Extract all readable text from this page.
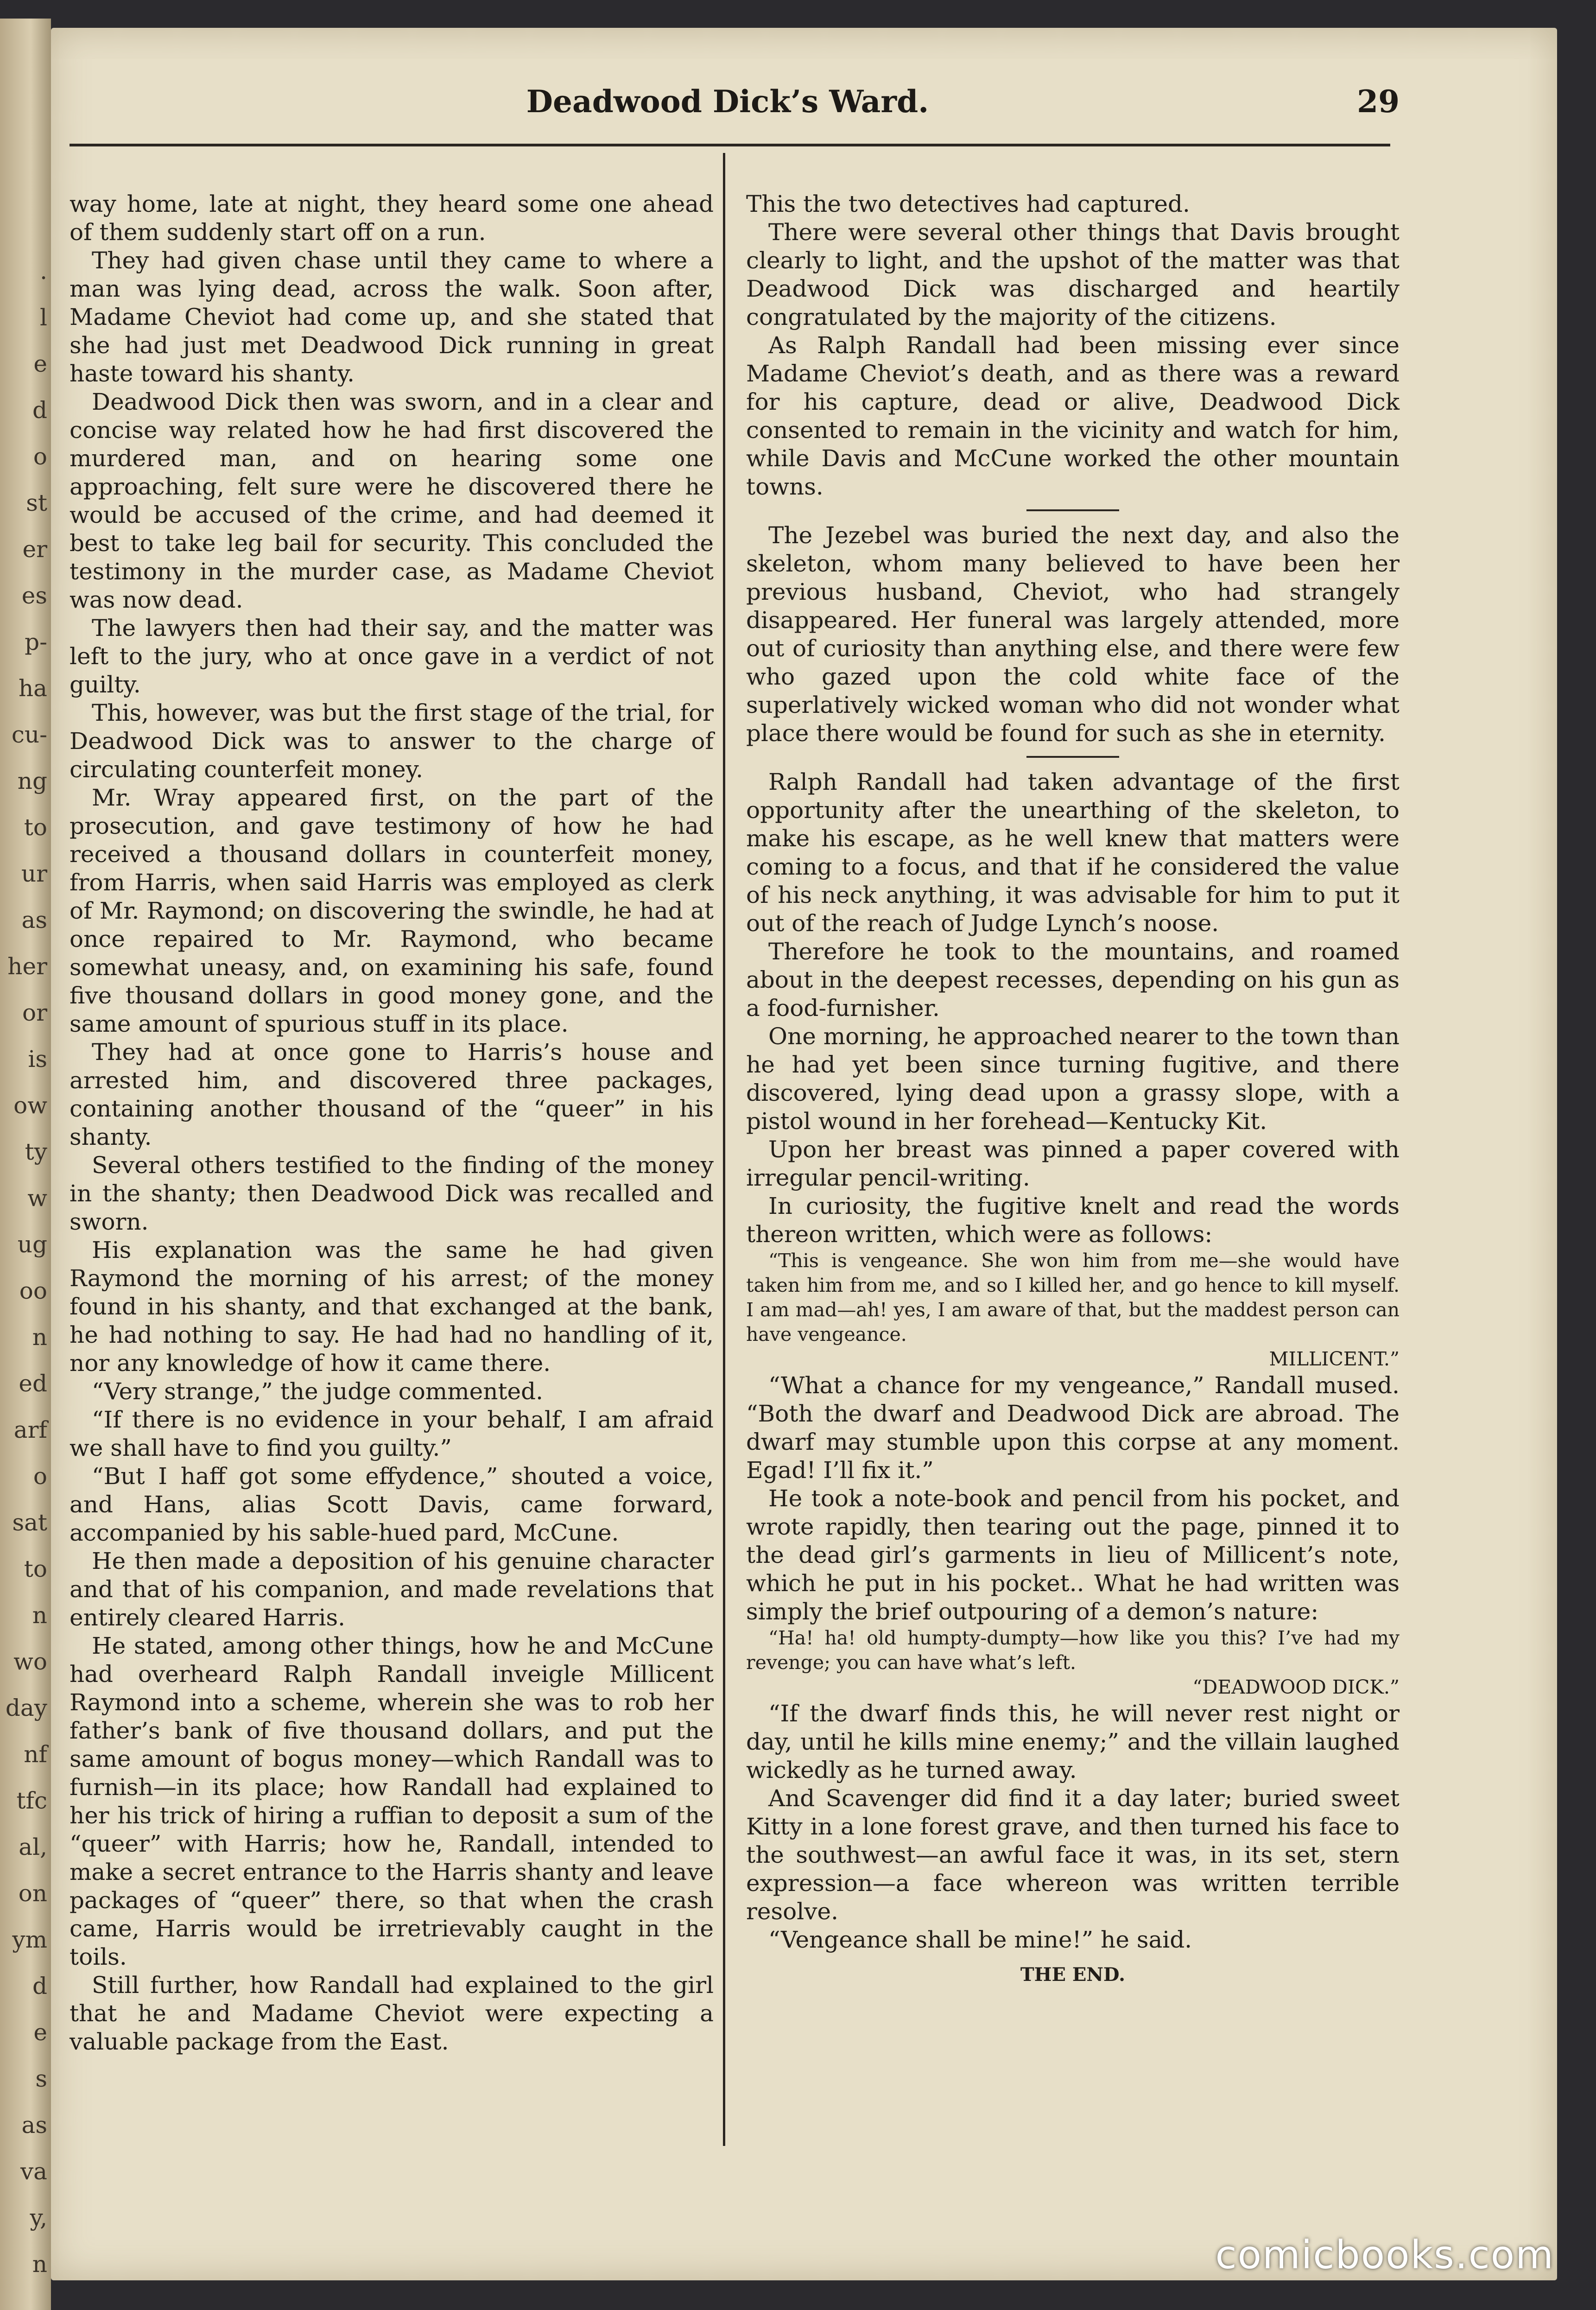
.
l
e
d
o
st
er
es
p-
ha
cu-
ng
to
ur
as
her
or
is
ow
ty
w
ug
oo
n
ed
arf
o
sat
to
n
wo
day
nf
tfc
al,
on
ym
d
e
s
as
va
y,
n
Deadwood Dick’s Ward.	29

way home, late at night, they heard some one ahead of them suddenly start off on a run.

They had given chase until they came to where a man was lying dead, across the walk. Soon after, Madame Cheviot had come up, and she stated that she had just met Deadwood Dick running in great haste toward his shanty.

Deadwood Dick then was sworn, and in a clear and concise way related how he had first discovered the murdered man, and on hearing some one approaching, felt sure were he discovered there he would be accused of the crime, and had deemed it best to take leg bail for security. This concluded the testimony in the murder case, as Madame Cheviot was now dead.

The lawyers then had their say, and the matter was left to the jury, who at once gave in a verdict of not guilty.

This, however, was but the first stage of the trial, for Deadwood Dick was to answer to the charge of circulating counterfeit money.

Mr. Wray appeared first, on the part of the prosecution, and gave testimony of how he had received a thousand dollars in counterfeit money, from Harris, when said Harris was employed as clerk of Mr. Raymond; on discovering the swindle, he had at once repaired to Mr. Raymond, who became somewhat uneasy, and, on examining his safe, found five thousand dollars in good money gone, and the same amount of spurious stuff in its place.

They had at once gone to Harris’s house and arrested him, and discovered three packages, containing another thousand of the “queer” in his shanty.

Several others testified to the finding of the money in the shanty; then Deadwood Dick was recalled and sworn.

His explanation was the same he had given Raymond the morning of his arrest; of the money found in his shanty, and that exchanged at the bank, he had nothing to say. He had had no handling of it, nor any knowledge of how it came there.

“Very strange,” the judge commented.

“If there is no evidence in your behalf, I am afraid we shall have to find you guilty.”

“But I haff got some effydence,” shouted a voice, and Hans, alias Scott Davis, came forward, accompanied by his sable-hued pard, McCune.

He then made a deposition of his genuine character and that of his companion, and made revelations that entirely cleared Harris.

He stated, among other things, how he and McCune had overheard Ralph Randall inveigle Millicent Raymond into a scheme, wherein she was to rob her father’s bank of five thousand dollars, and put the same amount of bogus money—which Randall was to furnish—in its place; how Randall had explained to her his trick of hiring a ruffian to deposit a sum of the “queer” with Harris; how he, Randall, intended to make a secret entrance to the Harris shanty and leave packages of “queer” there, so that when the crash came, Harris would be irretrievably caught in the toils.

Still further, how Randall had explained to the girl that he and Madame Cheviot were expecting a valuable package from the East.

This the two detectives had captured.

There were several other things that Davis brought clearly to light, and the upshot of the matter was that Deadwood Dick was discharged and heartily congratulated by the majority of the citizens.

As Ralph Randall had been missing ever since Madame Cheviot’s death, and as there was a reward for his capture, dead or alive, Deadwood Dick consented to remain in the vicinity and watch for him, while Davis and McCune worked the other mountain towns.

The Jezebel was buried the next day, and also the skeleton, whom many believed to have been her previous husband, Cheviot, who had strangely disappeared. Her funeral was largely attended, more out of curiosity than anything else, and there were few who gazed upon the cold white face of the superlatively wicked woman who did not wonder what place there would be found for such as she in eternity.

Ralph Randall had taken advantage of the first opportunity after the unearthing of the skeleton, to make his escape, as he well knew that matters were coming to a focus, and that if he considered the value of his neck anything, it was advisable for him to put it out of the reach of Judge Lynch’s noose.

Therefore he took to the mountains, and roamed about in the deepest recesses, depending on his gun as a food-furnisher.

One morning, he approached nearer to the town than he had yet been since turning fugitive, and there discovered, lying dead upon a grassy slope, with a pistol wound in her forehead—Kentucky Kit.

Upon her breast was pinned a paper covered with irregular pencil-writing.

In curiosity, the fugitive knelt and read the words thereon written, which were as follows:

“This is vengeance. She won him from me—she would have taken him from me, and so I killed her, and go hence to kill myself. I am mad—ah! yes, I am aware of that, but the maddest person can have vengeance.

MILLICENT.”

“What a chance for my vengeance,” Randall mused. “Both the dwarf and Deadwood Dick are abroad. The dwarf may stumble upon this corpse at any moment. Egad! I’ll fix it.”

He took a note-book and pencil from his pocket, and wrote rapidly, then tearing out the page, pinned it to the dead girl’s garments in lieu of Millicent’s note, which he put in his pocket.. What he had written was simply the brief outpouring of a demon’s nature:

“Ha! ha! old humpty-dumpty—how like you this? I’ve had my revenge; you can have what’s left.

“DEADWOOD DICK.”

“If the dwarf finds this, he will never rest night or day, until he kills mine enemy;” and the villain laughed wickedly as he turned away.

And Scavenger did find it a day later; buried sweet Kitty in a lone forest grave, and then turned his face to the southwest—an awful face it was, in its set, stern expression—a face whereon was written terrible resolve.

“Vengeance shall be mine!” he said.

THE END.

comicbooks.com
